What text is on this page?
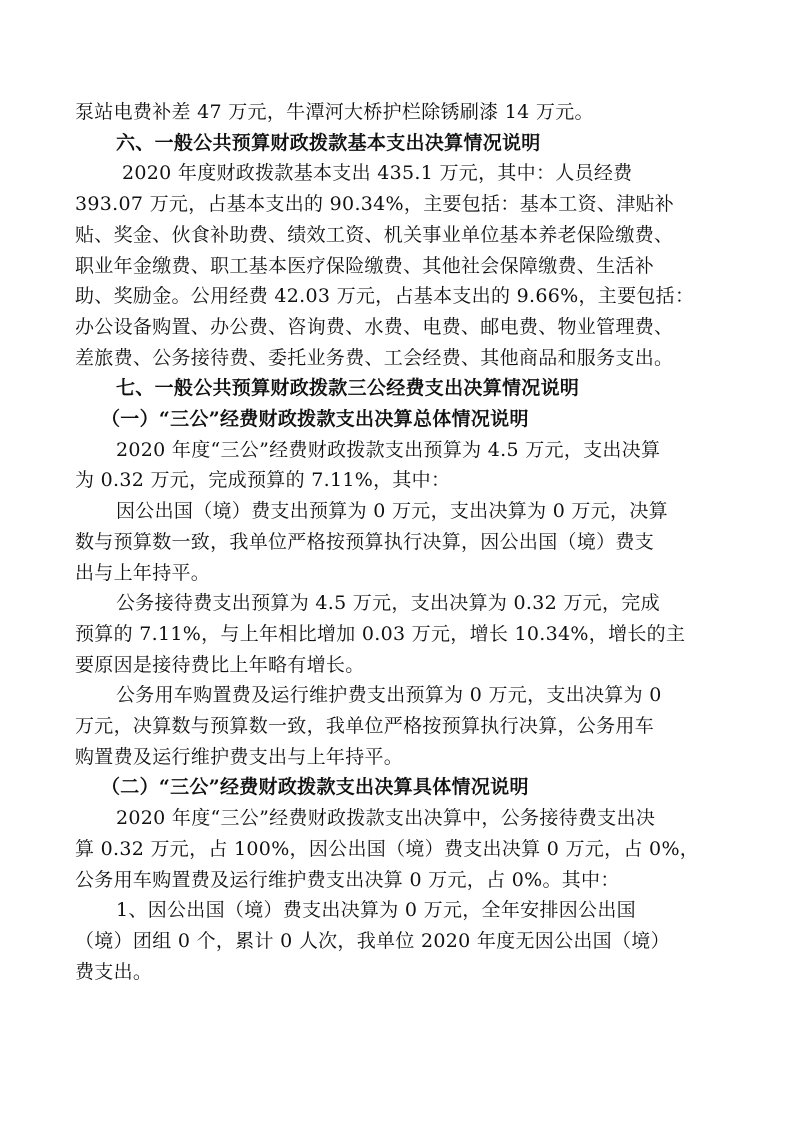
泵站电费补差 47 万元，牛潭河大桥护栏除锈刷漆 14 万元。
六、一般公共预算财政拨款基本支出决算情况说明
2020 年度财政拨款基本支出 435.1 万元，其中：人员经费
393.07 万元，占基本支出的 90.34%，主要包括：基本工资、津贴补
贴、奖金、伙食补助费、绩效工资、机关事业单位基本养老保险缴费、
职业年金缴费、职工基本医疗保险缴费、其他社会保障缴费、生活补
助、奖励金。公用经费 42.03 万元，占基本支出的 9.66%，主要包括：
办公设备购置、办公费、咨询费、水费、电费、邮电费、物业管理费、
差旅费、公务接待费、委托业务费、工会经费、其他商品和服务支出。
七、一般公共预算财政拨款三公经费支出决算情况说明
（一）“三公”经费财政拨款支出决算总体情况说明
2020 年度“三公”经费财政拨款支出预算为 4.5 万元，支出决算
为 0.32 万元，完成预算的 7.11%，其中：
因公出国（境）费支出预算为 0 万元，支出决算为 0 万元，决算
数与预算数一致，我单位严格按预算执行决算，因公出国（境）费支
出与上年持平。
公务接待费支出预算为 4.5 万元，支出决算为 0.32 万元，完成
预算的 7.11%，与上年相比增加 0.03 万元，增长 10.34%，增长的主
要原因是接待费比上年略有增长。
公务用车购置费及运行维护费支出预算为 0 万元，支出决算为 0
万元，决算数与预算数一致，我单位严格按预算执行决算，公务用车
购置费及运行维护费支出与上年持平。
（二）“三公”经费财政拨款支出决算具体情况说明
2020 年度“三公”经费财政拨款支出决算中，公务接待费支出决
算 0.32 万元，占 100%，因公出国（境）费支出决算 0 万元，占 0%，
公务用车购置费及运行维护费支出决算 0 万元，占 0%。其中：
1、因公出国（境）费支出决算为 0 万元，全年安排因公出国
（境）团组 0 个，累计 0 人次，我单位 2020 年度无因公出国（境）
费支出。
